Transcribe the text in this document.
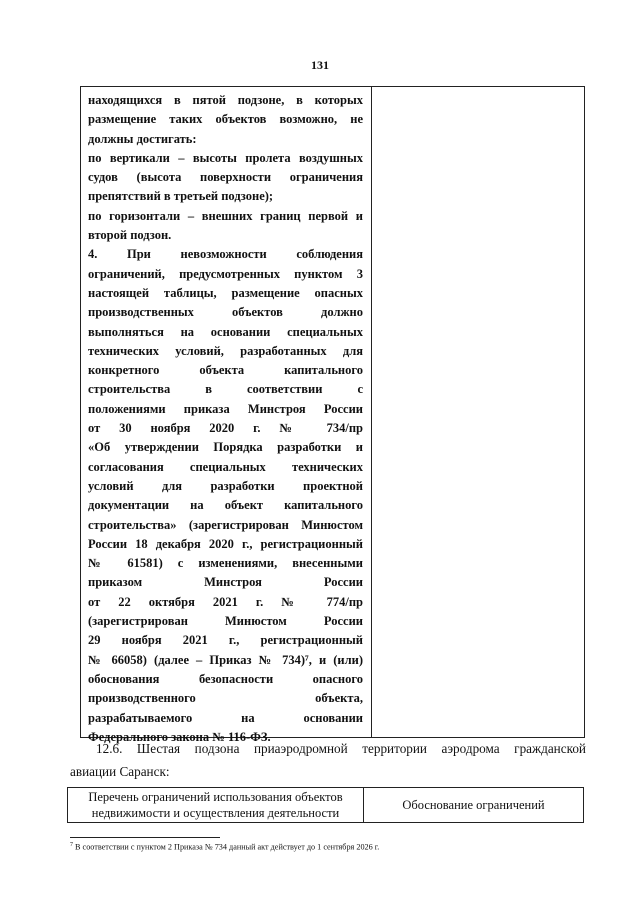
131
находящихся в пятой подзоне, в которых
размещение таких объектов возможно, не
должны достигать:
по вертикали – высоты пролета воздушных
судов (высота поверхности ограничения
препятствий в третьей подзоне);
по горизонтали – внешних границ первой и
второй подзон.
4. При невозможности соблюдения
ограничений, предусмотренных пунктом 3
настоящей таблицы, размещение опасных
производственных объектов должно
выполняться на основании специальных
технических условий, разработанных для
конкретного объекта капитального
строительства в соответствии с
положениями приказа Минстроя России
от 30 ноября 2020 г. № 734/пр
«Об утверждении Порядка разработки и
согласования специальных технических
условий для разработки проектной
документации на объект капитального
строительства» (зарегистрирован Минюстом
России 18 декабря 2020 г., регистрационный
№ 61581) с изменениями, внесенными
приказом Минстроя России
от 22 октября 2021 г. № 774/пр
(зарегистрирован Минюстом России
29 ноября 2021 г., регистрационный
№ 66058) (далее – Приказ № 734)⁷, и (или)
обоснования безопасности опасного
производственного объекта,
разрабатываемого на основании
Федерального закона № 116-ФЗ.
12.6. Шестая подзона приаэродромной территории аэродрома гражданской
авиации Саранск:
Перечень ограничений использования объектов
недвижимости и осуществления деятельности
Обоснование ограничений
$^7$ В соответствии с пунктом 2 Приказа № 734 данный акт действует до 1 сентября 2026 г.
